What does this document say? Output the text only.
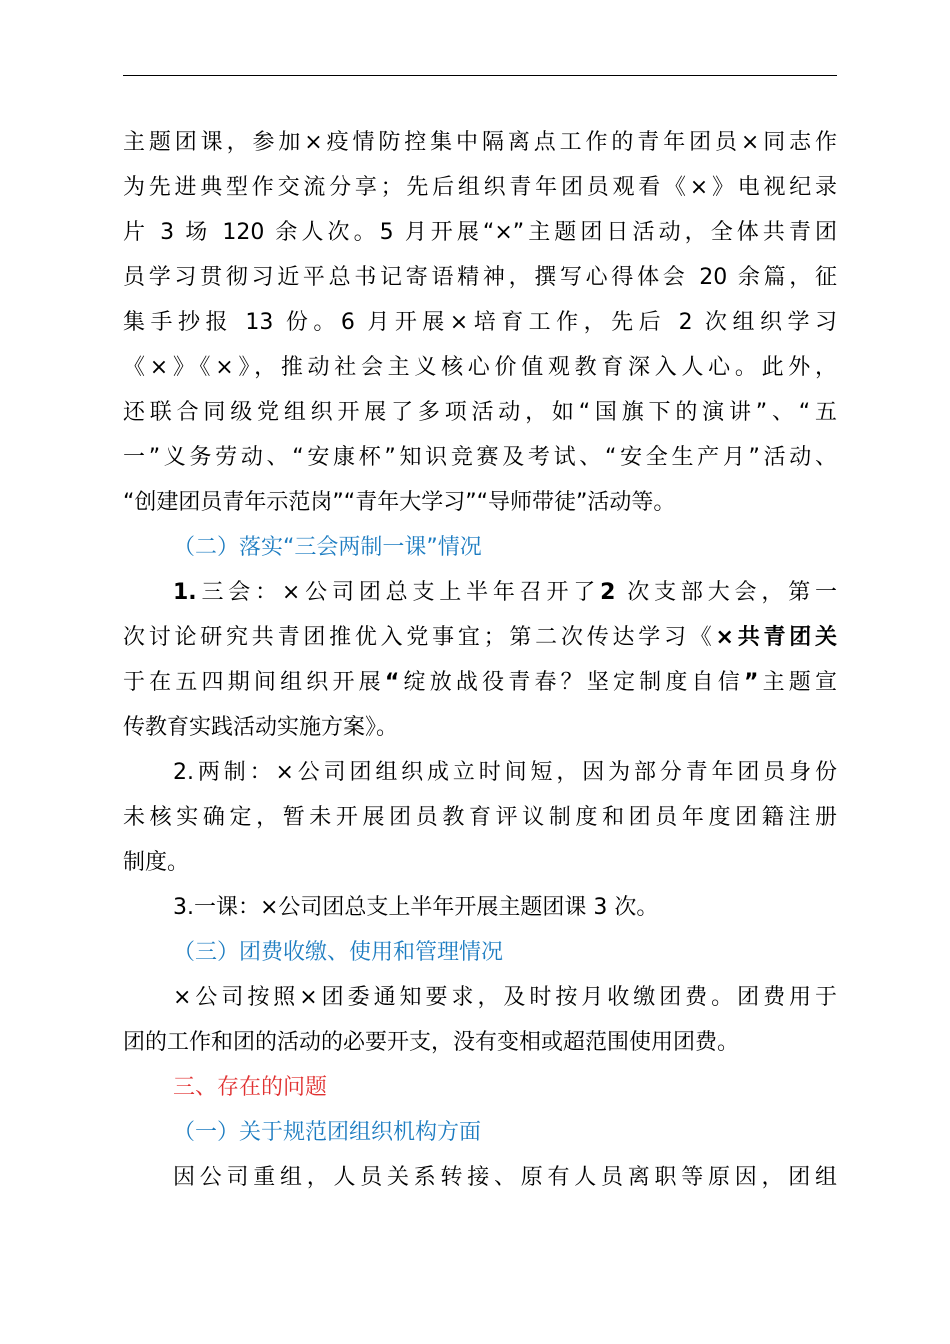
主题团课，参加×疫情防控集中隔离点工作的青年团员×同志作
为先进典型作交流分享；先后组织青年团员观看《×》电视纪录
片 3 场 120 余人次。5 月开展“×”主题团日活动，全体共青团
员学习贯彻习近平总书记寄语精神，撰写心得体会 20 余篇，征
集手抄报 13 份。6 月开展×培育工作，先后 2 次组织学习
《×》《×》，推动社会主义核心价值观教育深入人心。此外，
还联合同级党组织开展了多项活动，如“国旗下的演讲”、“五
一”义务劳动、“安康杯”知识竞赛及考试、“安全生产月”活动、
“创建团员青年示范岗”“青年大学习”“导师带徒”活动等。
（二）落实“三会两制一课”情况
1.三会：×公司团总支上半年召开了2 次支部大会，第一
次讨论研究共青团推优入党事宜；第二次传达学习《×共青团关
于在五四期间组织开展“绽放战役青春？坚定制度自信”主题宣
传教育实践活动实施方案》。
2.两制：×公司团组织成立时间短，因为部分青年团员身份
未核实确定，暂未开展团员教育评议制度和团员年度团籍注册
制度。
3.一课：×公司团总支上半年开展主题团课 3 次。
（三）团费收缴、使用和管理情况
×公司按照×团委通知要求，及时按月收缴团费。团费用于
团的工作和团的活动的必要开支，没有变相或超范围使用团费。
三、存在的问题
（一）关于规范团组织机构方面
因公司重组，人员关系转接、原有人员离职等原因，团组
